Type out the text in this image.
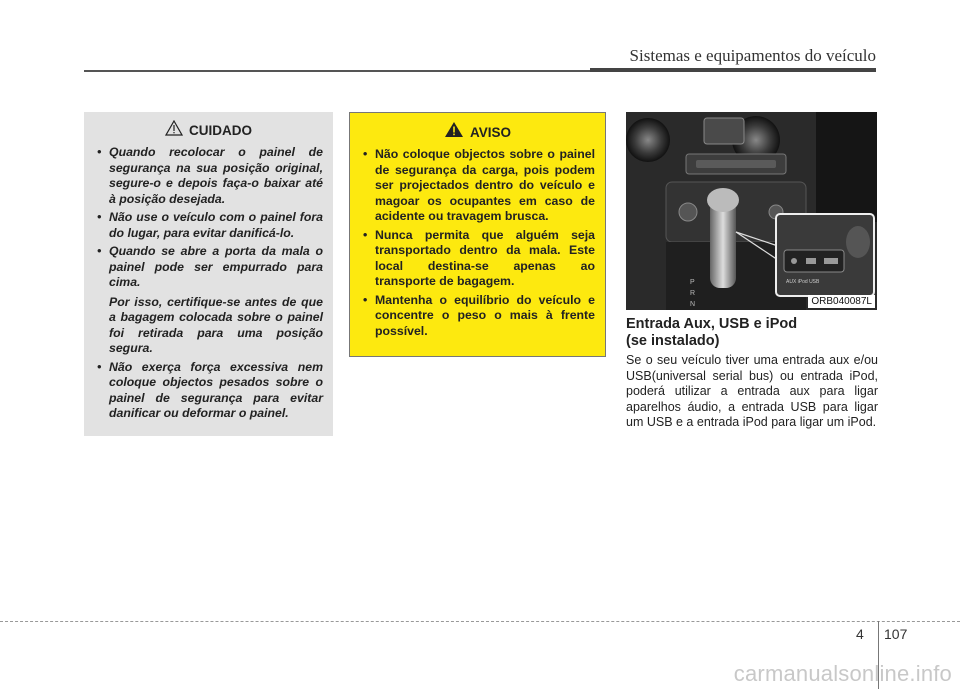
Sistemas e equipamentos do veículo
CUIDADO
• Quando recolocar o painel de segurança na sua posição original, segure-o e depois faça-o baixar até à posição desejada.
• Não use o veículo com o painel fora do lugar, para evitar danificá-lo.
• Quando se abre a porta da mala o painel pode ser empurrado para cima.
Por isso, certifique-se antes de que a bagagem colocada sobre o painel foi retirada para uma posição segura.
• Não exerça força excessiva nem coloque objectos pesados sobre o painel de segurança para evitar danificar ou deformar o painel.
AVISO
• Não coloque objectos sobre o painel de segurança da carga, pois podem ser projectados dentro do veículo e magoar os ocupantes em caso de acidente ou travagem brusca.
• Nunca permita que alguém seja transportado dentro da mala. Este local destina-se apenas ao transporte de bagagem.
• Mantenha o equilíbrio do veículo e concentre o peso o mais à frente possível.
P
R
N
AUX iPod USB
ORB040087L
Entrada Aux, USB e iPod
(se instalado)
Se o seu veículo tiver uma entrada aux e/ou USB(universal serial bus) ou entrada iPod, poderá utilizar a entrada aux para ligar aparelhos áudio, a entrada USB para ligar um USB e a entrada iPod para ligar um iPod.
4 107
carmanualsonline.info
